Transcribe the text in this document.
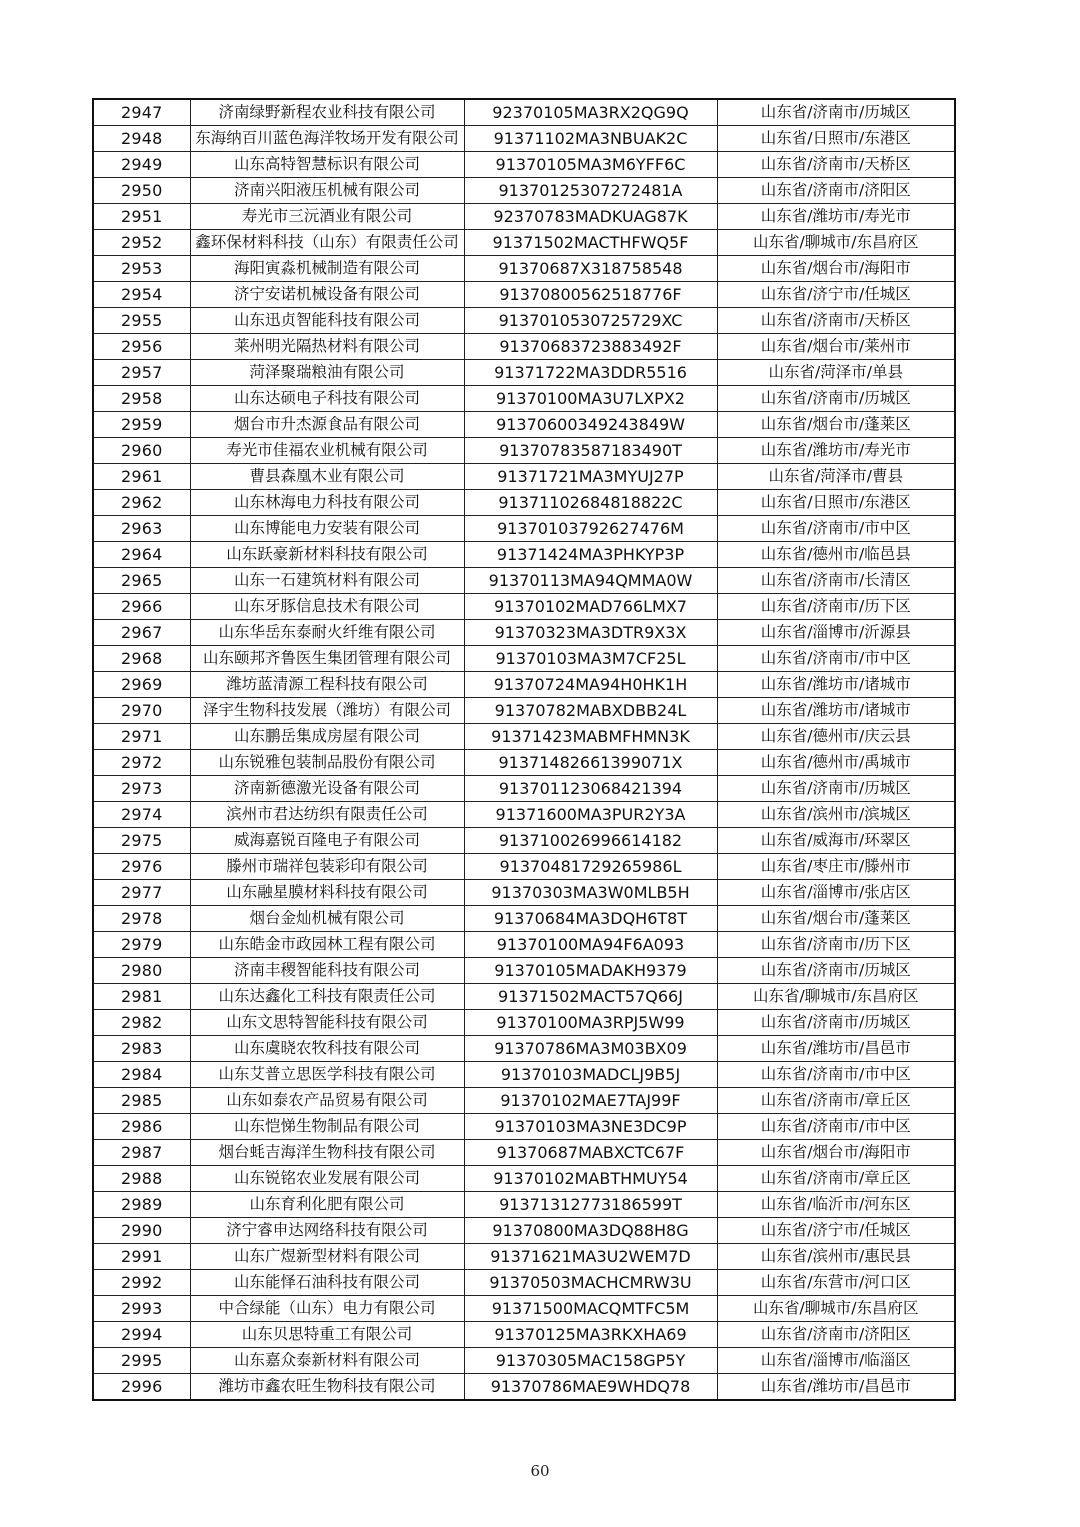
2947	济南绿野新程农业科技有限公司	92370105MA3RX2QG9Q	山东省/济南市/历城区
2948	东海纳百川蓝色海洋牧场开发有限公司	91371102MA3NBUAK2C	山东省/日照市/东港区
2949	山东高特智慧标识有限公司	91370105MA3M6YFF6C	山东省/济南市/天桥区
2950	济南兴阳液压机械有限公司	91370125307272481A	山东省/济南市/济阳区
2951	寿光市三沅酒业有限公司	92370783MADKUAG87K	山东省/潍坊市/寿光市
2952	鑫环保材料科技（山东）有限责任公司	91371502MACTHFWQ5F	山东省/聊城市/东昌府区
2953	海阳寅淼机械制造有限公司	91370687X318758548	山东省/烟台市/海阳市
2954	济宁安诺机械设备有限公司	91370800562518776F	山东省/济宁市/任城区
2955	山东迅贞智能科技有限公司	9137010530725729XC	山东省/济南市/天桥区
2956	莱州明光隔热材料有限公司	91370683723883492F	山东省/烟台市/莱州市
2957	菏泽聚瑞粮油有限公司	91371722MA3DDR5516	山东省/菏泽市/单县
2958	山东达硕电子科技有限公司	91370100MA3U7LXPX2	山东省/济南市/历城区
2959	烟台市升杰源食品有限公司	91370600349243849W	山东省/烟台市/蓬莱区
2960	寿光市佳福农业机械有限公司	91370783587183490T	山东省/潍坊市/寿光市
2961	曹县森凰木业有限公司	91371721MA3MYUJ27P	山东省/菏泽市/曹县
2962	山东林海电力科技有限公司	91371102684818822C	山东省/日照市/东港区
2963	山东博能电力安装有限公司	91370103792627476M	山东省/济南市/市中区
2964	山东跃豪新材料科技有限公司	91371424MA3PHKYP3P	山东省/德州市/临邑县
2965	山东一石建筑材料有限公司	91370113MA94QMMA0W	山东省/济南市/长清区
2966	山东牙豚信息技术有限公司	91370102MAD766LMX7	山东省/济南市/历下区
2967	山东华岳东泰耐火纤维有限公司	91370323MA3DTR9X3X	山东省/淄博市/沂源县
2968	山东颐邦齐鲁医生集团管理有限公司	91370103MA3M7CF25L	山东省/济南市/市中区
2969	潍坊蓝清源工程科技有限公司	91370724MA94H0HK1H	山东省/潍坊市/诸城市
2970	泽宇生物科技发展（潍坊）有限公司	91370782MABXDBB24L	山东省/潍坊市/诸城市
2971	山东鹏岳集成房屋有限公司	91371423MABMFHMN3K	山东省/德州市/庆云县
2972	山东锐雅包装制品股份有限公司	91371482661399071X	山东省/德州市/禹城市
2973	济南新德激光设备有限公司	91370112306842139​4	山东省/济南市/历城区
2974	滨州市君达纺织有限责任公司	91371600MA3PUR2Y3A	山东省/滨州市/滨城区
2975	威海嘉锐百隆电子有限公司	91371002699661418​2	山东省/威海市/环翠区
2976	滕州市瑞祥包装彩印有限公司	91370481729265986L	山东省/枣庄市/滕州市
2977	山东融星膜材料科技有限公司	91370303MA3W0MLB5H	山东省/淄博市/张店区
2978	烟台金灿机械有限公司	91370684MA3DQH6T8T	山东省/烟台市/蓬莱区
2979	山东皓金市政园林工程有限公司	91370100MA94F6A093	山东省/济南市/历下区
2980	济南丰稷智能科技有限公司	91370105MADAKH9379	山东省/济南市/历城区
2981	山东达鑫化工科技有限责任公司	91371502MACT57Q66J	山东省/聊城市/东昌府区
2982	山东文思特智能科技有限公司	91370100MA3RPJ5W99	山东省/济南市/历城区
2983	山东虞晓农牧科技有限公司	91370786MA3M03BX09	山东省/潍坊市/昌邑市
2984	山东艾普立思医学科技有限公司	91370103MADCLJ9B5J	山东省/济南市/市中区
2985	山东如泰农产品贸易有限公司	91370102MAE7TAJ99F	山东省/济南市/章丘区
2986	山东恺悌生物制品有限公司	91370103MA3NE3DC9P	山东省/济南市/市中区
2987	烟台蚝吉海洋生物科技有限公司	91370687MABXCTC67F	山东省/烟台市/海阳市
2988	山东锐铭农业发展有限公司	91370102MABTHMUY54	山东省/济南市/章丘区
2989	山东育利化肥有限公司	91371312773186599T	山东省/临沂市/河东区
2990	济宁睿申达网络科技有限公司	91370800MA3DQ88H8G	山东省/济宁市/任城区
2991	山东广煜新型材料有限公司	91371621MA3U2WEM7D	山东省/滨州市/惠民县
2992	山东能怿石油科技有限公司	91370503MACHCMRW3U	山东省/东营市/河口区
2993	中合绿能（山东）电力有限公司	91371500MACQMTFC5M	山东省/聊城市/东昌府区
2994	山东贝思特重工有限公司	91370125MA3RKXHA69	山东省/济南市/济阳区
2995	山东嘉众泰新材料有限公司	91370305MAC158GP5Y	山东省/淄博市/临淄区
2996	潍坊市鑫农旺生物科技有限公司	91370786MAE9WHDQ78	山东省/潍坊市/昌邑市
60
